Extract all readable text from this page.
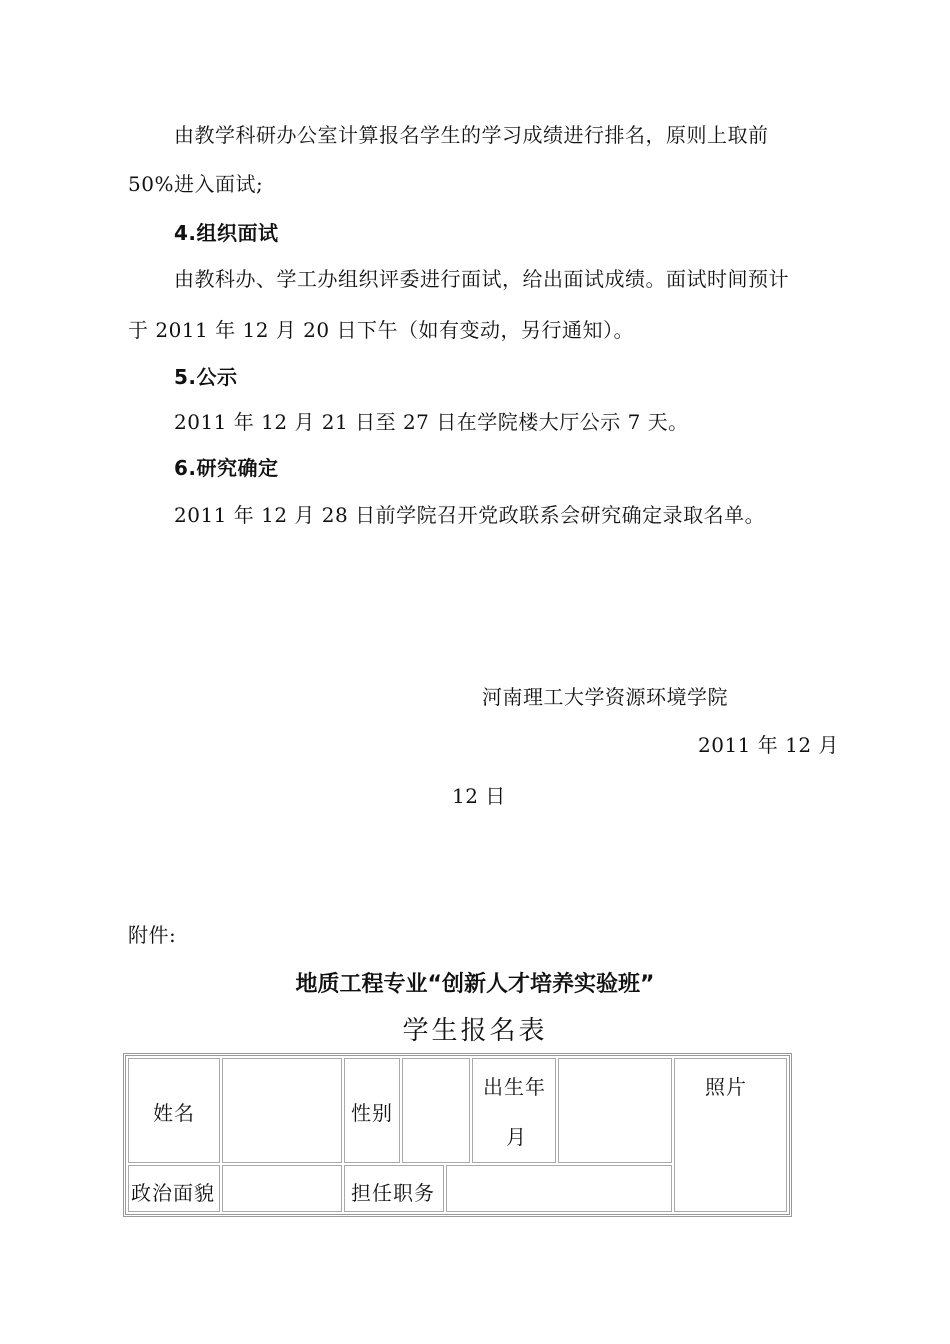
由教学科研办公室计算报名学生的学习成绩进行排名，原则上取前
50%进入面试;
4.组织面试
由教科办、学工办组织评委进行面试，给出面试成绩。面试时间预计
于 2011 年 12 月 20 日下午（如有变动，另行通知）。
5.公示
2011 年 12 月 21 日至 27 日在学院楼大厅公示 7 天。
6.研究确定
2011 年 12 月 28 日前学院召开党政联系会研究确定录取名单。
河南理工大学资源环境学院
2011 年 12 月
12 日
附件:
地质工程专业“创新人才培养实验班”
学生报名表
姓名	性别
出生年
月
照片
政治面貌	担任职务
